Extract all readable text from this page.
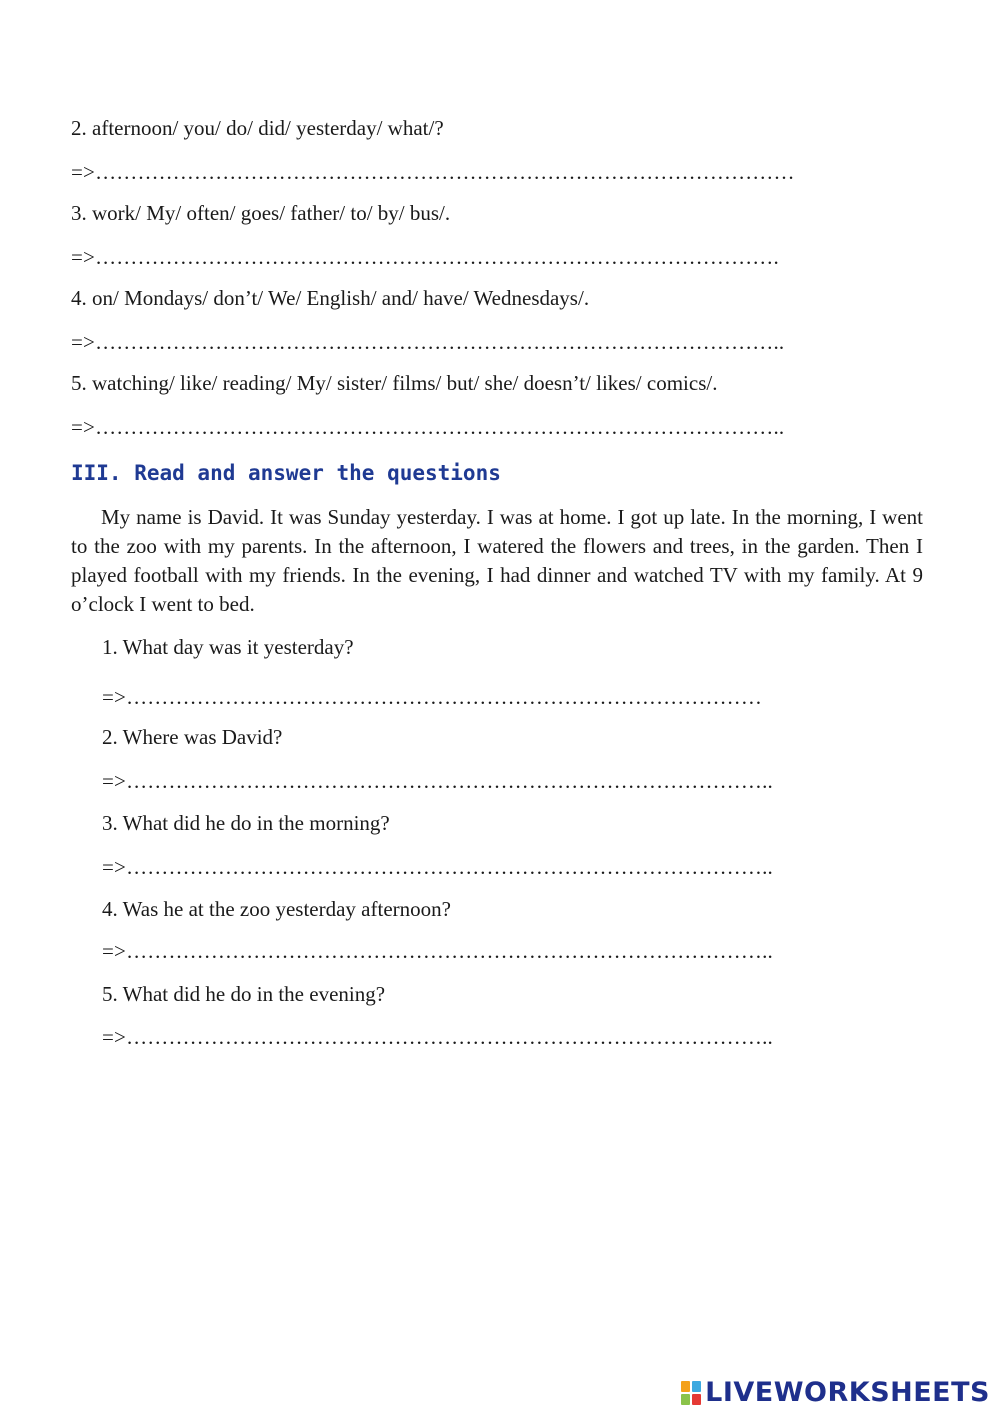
2. afternoon/ you/ do/ did/ yesterday/ what/?
=>………………………………………………………………………………………
3. work/ My/ often/ goes/ father/ to/ by/ bus/.
=>…………………………………………………………………………………….
4. on/ Mondays/ don’t/ We/ English/ and/ have/ Wednesdays/.
=>……………………………………………………………………………………..
5. watching/ like/ reading/ My/ sister/ films/ but/ she/ doesn’t/ likes/ comics/.
=>……………………………………………………………………………………..
III. Read and answer the questions

My name is David. It was Sunday yesterday. I was at home. I got up late. In the morning, I went to the zoo with my parents. In the afternoon, I watered the flowers and trees, in the garden. Then I played football with my friends. In the evening, I had dinner and watched TV with my family. At 9 o’clock I went to bed.

1. What day was it yesterday?
=>………………………………………………………………………………
2. Where was David?
=>………………………………………………………………………………..
3. What did he do in the morning?
=>………………………………………………………………………………..
4. Was he at the zoo yesterday afternoon?
=>………………………………………………………………………………..
5. What did he do in the evening?
=>………………………………………………………………………………..
LIVEWORKSHEETS
